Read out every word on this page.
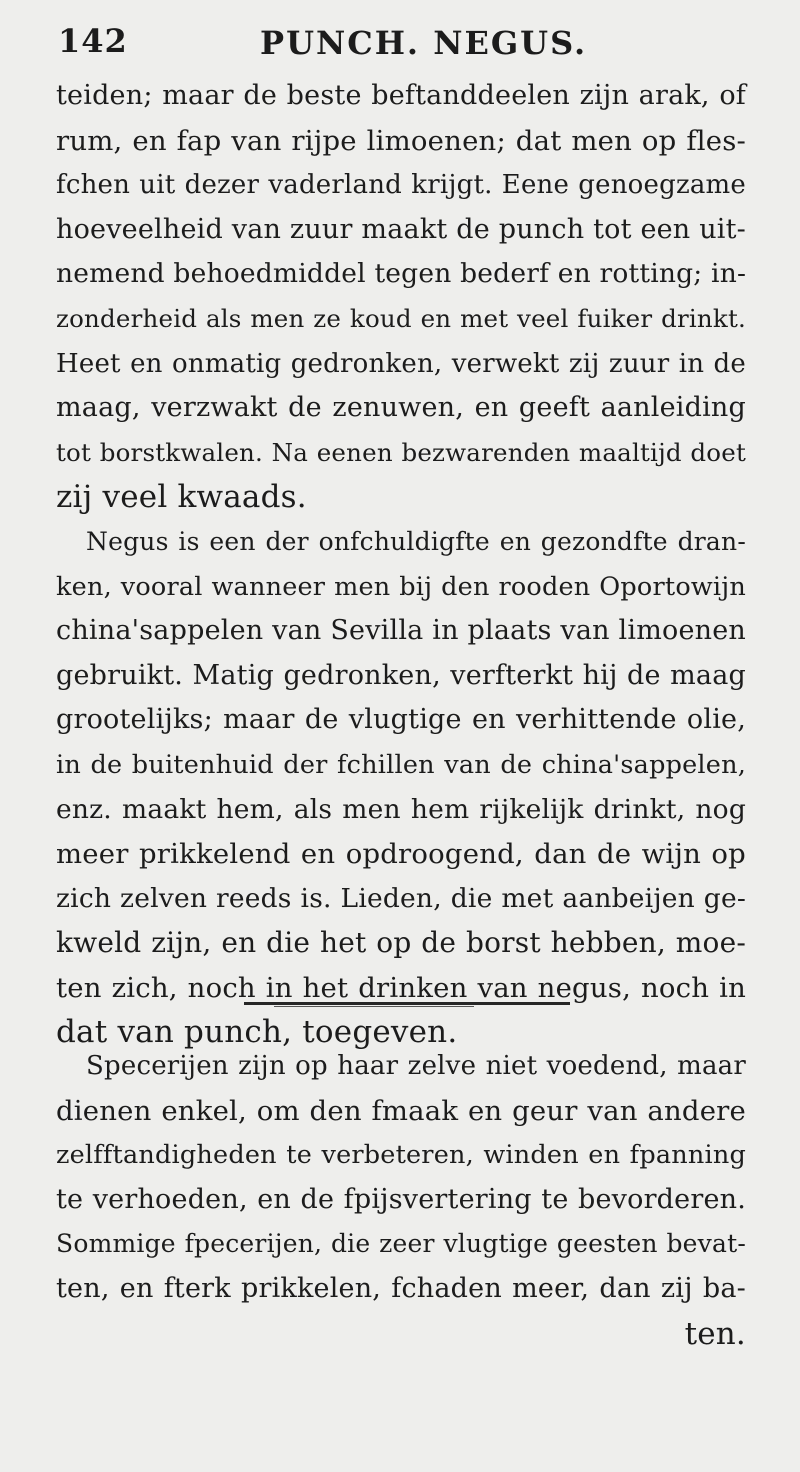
142	PUNCH. NEGUS.
teiden; maar de beste beftanddeelen zijn arak, of
rum, en fap van rijpe limoenen; dat men op fles-
fchen uit dezer vaderland krijgt. Eene genoegzame
hoeveelheid van zuur maakt de punch tot een uit-
nemend behoedmiddel tegen bederf en rotting; in-
zonderheid als men ze koud en met veel fuiker drinkt.
Heet en onmatig gedronken, verwekt zij zuur in de
maag, verzwakt de zenuwen, en geeft aanleiding
tot borstkwalen. Na eenen bezwarenden maaltijd doet
zij veel kwaads.
Negus is een der onfchuldigfte en gezondfte dran-
ken, vooral wanneer men bij den rooden Oportowijn
china'sappelen van Sevilla in plaats van limoenen
gebruikt. Matig gedronken, verfterkt hij de maag
grootelijks; maar de vlugtige en verhittende olie,
in de buitenhuid der fchillen van de china'sappelen,
enz. maakt hem, als men hem rijkelijk drinkt, nog
meer prikkelend en opdroogend, dan de wijn op
zich zelven reeds is. Lieden, die met aanbeijen ge-
kweld zijn, en die het op de borst hebben, moe-
ten zich, noch in het drinken van negus, noch in
dat van punch, toegeven.
Specerijen zijn op haar zelve niet voedend, maar
dienen enkel, om den fmaak en geur van andere
zelfftandigheden te verbeteren, winden en fpanning
te verhoeden, en de fpijsvertering te bevorderen.
Sommige fpecerijen, die zeer vlugtige geesten bevat-
ten, en fterk prikkelen, fchaden meer, dan zij ba-
ten.
